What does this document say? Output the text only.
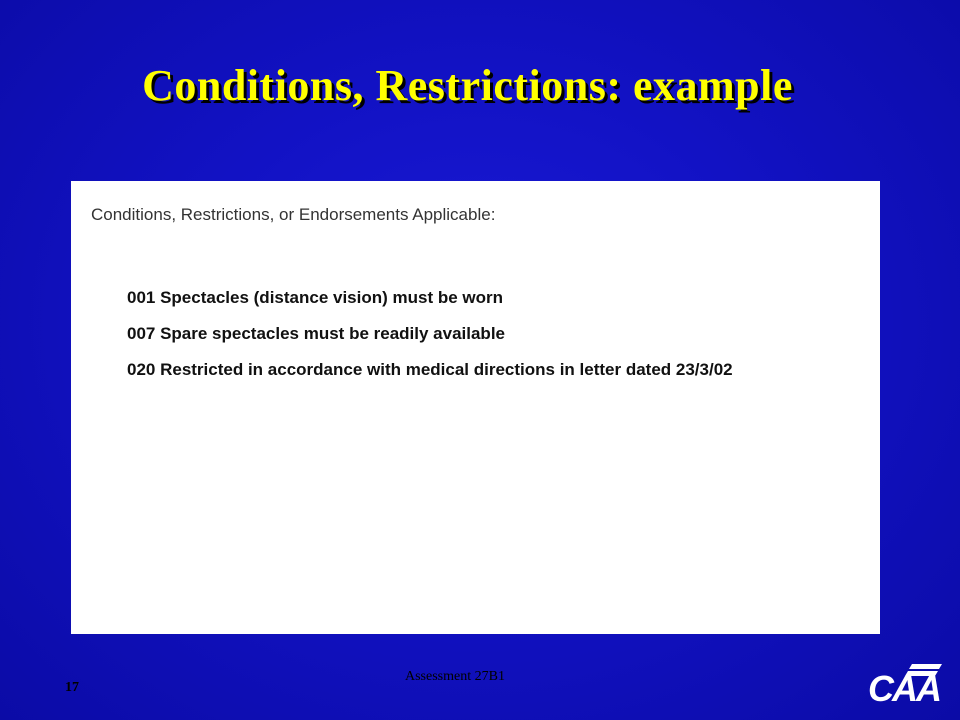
Conditions, Restrictions: example
Conditions, Restrictions, or Endorsements Applicable:
001 Spectacles (distance vision) must be worn
007 Spare spectacles must be readily available
020 Restricted in accordance with medical directions in letter dated 23/3/02
17
Assessment 27B1	CAA
